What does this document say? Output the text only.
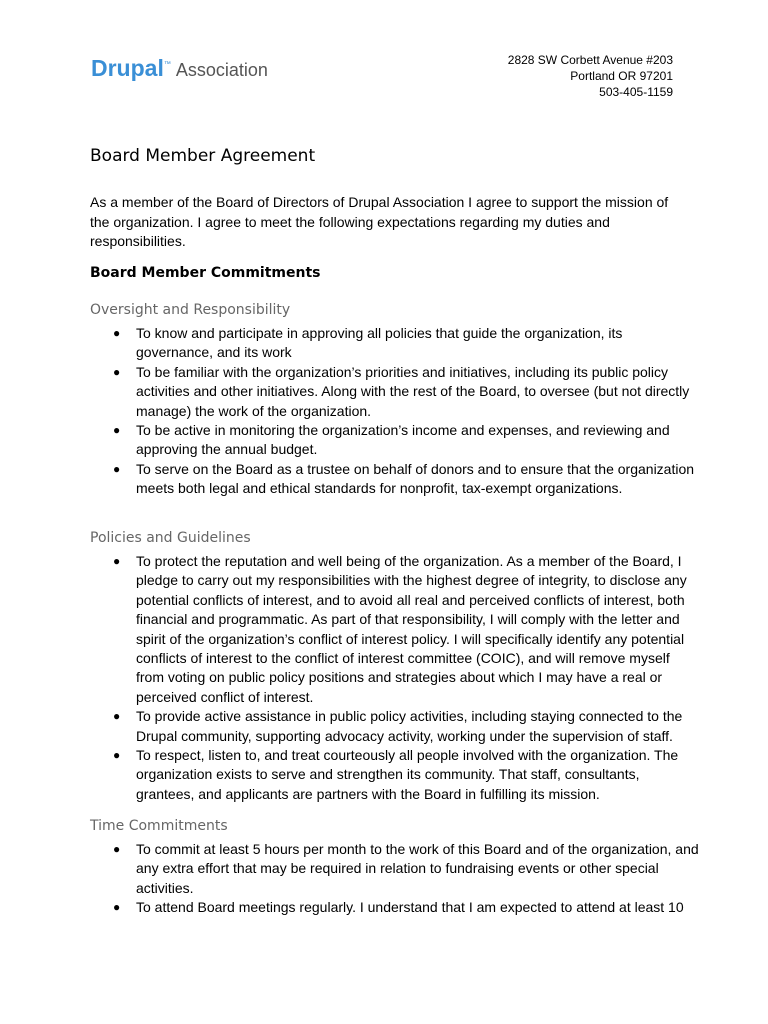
Drupal ™ Association	2828 SW Corbett Avenue #203
Portland OR 97201
503-405-1159
Board Member Agreement

As a member of the Board of Directors of Drupal Association I agree to support the mission of the organization. I agree to meet the following expectations regarding my duties and responsibilities.

Board Member Commitments
Oversight and Responsibility
● To know and participate in approving all policies that guide the organization, its governance, and its work
● To be familiar with the organization’s priorities and initiatives, including its public policy activities and other initiatives. Along with the rest of the Board, to oversee (but not directly manage) the work of the organization.
● To be active in monitoring the organization’s income and expenses, and reviewing and approving the annual budget.
● To serve on the Board as a trustee on behalf of donors and to ensure that the organization meets both legal and ethical standards for nonprofit, tax-exempt organizations.
Policies and Guidelines
● To protect the reputation and well being of the organization. As a member of the Board, I pledge to carry out my responsibilities with the highest degree of integrity, to disclose any potential conflicts of interest, and to avoid all real and perceived conflicts of interest, both financial and programmatic. As part of that responsibility, I will comply with the letter and spirit of the organization’s conflict of interest policy. I will specifically identify any potential conflicts of interest to the conflict of interest committee (COIC), and will remove myself from voting on public policy positions and strategies about which I may have a real or perceived conflict of interest.
● To provide active assistance in public policy activities, including staying connected to the Drupal community, supporting advocacy activity, working under the supervision of staff.
● To respect, listen to, and treat courteously all people involved with the organization. The organization exists to serve and strengthen its community. That staff, consultants, grantees, and applicants are partners with the Board in fulfilling its mission.
Time Commitments
● To commit at least 5 hours per month to the work of this Board and of the organization, and any extra effort that may be required in relation to fundraising events or other special activities.
● To attend Board meetings regularly. I understand that I am expected to attend at least 10
